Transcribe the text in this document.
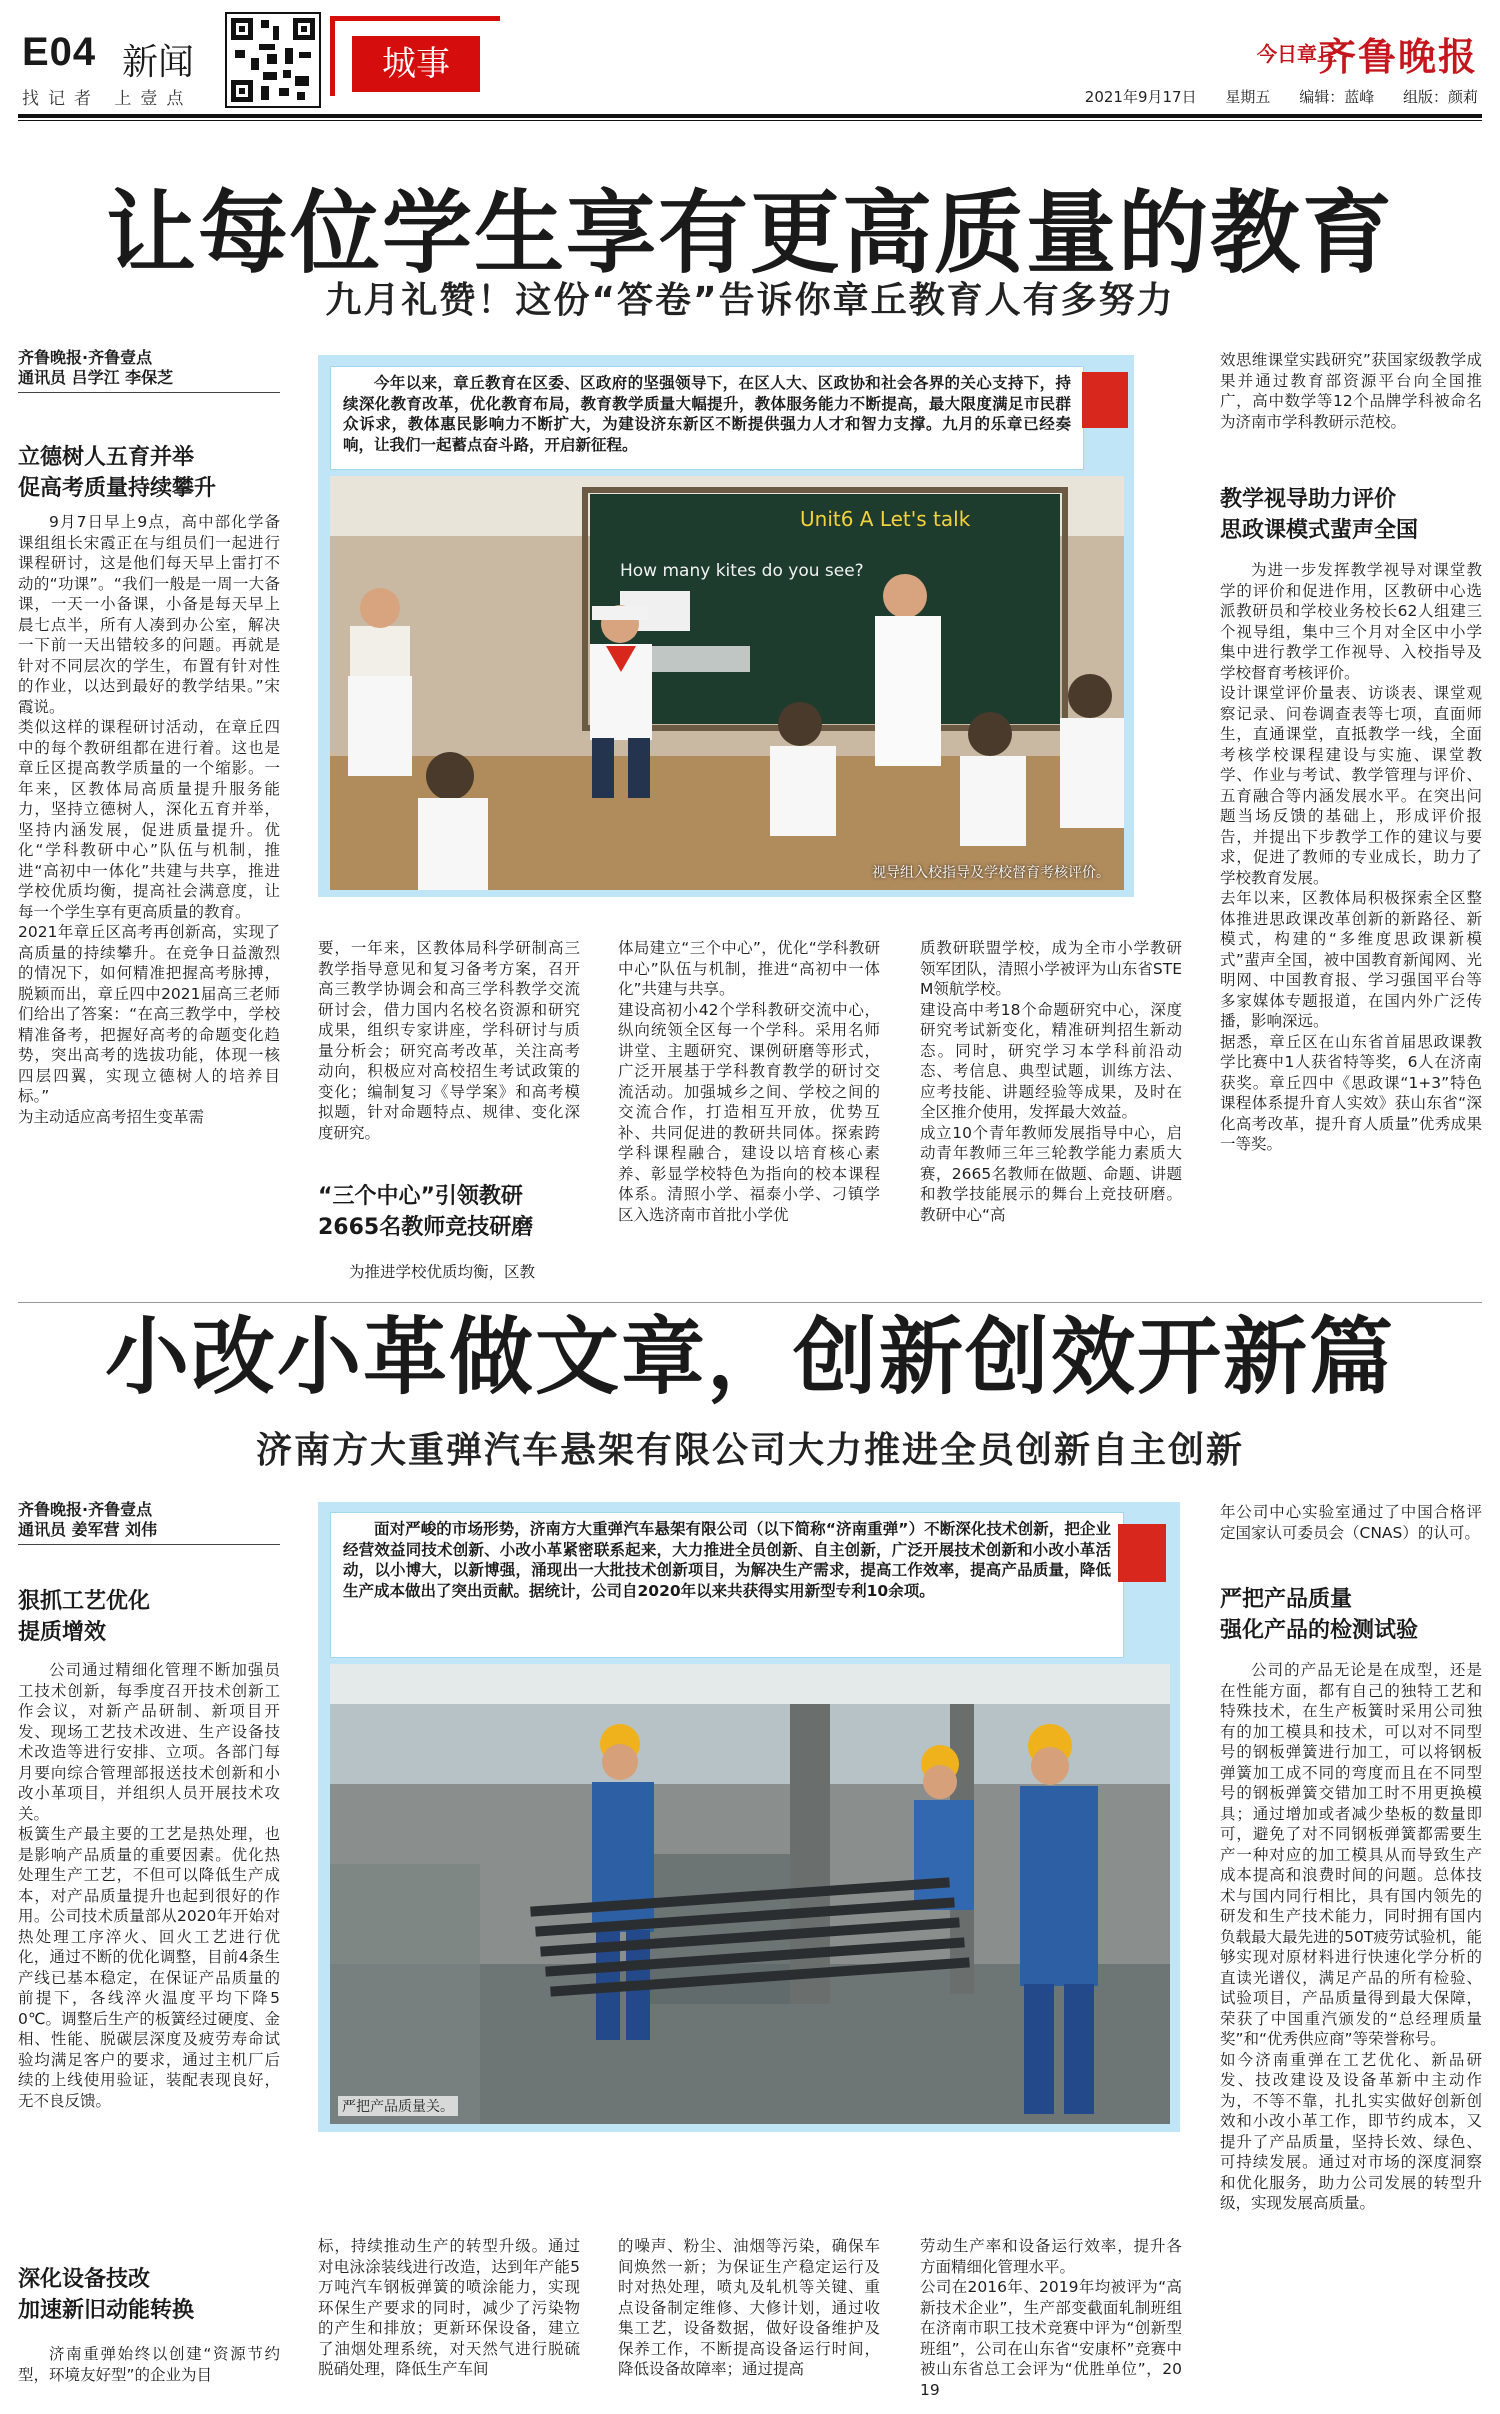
E04 新闻
找记者 上壹点
城事	今日章丘
齐鲁晚报
2021年9月17日 星期五 编辑：蓝峰 组版：颜莉
让每位学生享有更高质量的教育
九月礼赞！这份“答卷”告诉你章丘教育人有多努力
齐鲁晚报·齐鲁壹点
通讯员 吕学江 李保芝
立德树人五育并举
促高考质量持续攀升
9月7日早上9点，高中部化学备课组组长宋霞正在与组员们一起进行课程研讨，这是他们每天早上雷打不动的“功课”。“我们一般是一周一大备课，一天一小备课，小备是每天早上晨七点半，所有人凑到办公室，解决一下前一天出错较多的问题。再就是针对不同层次的学生，布置有针对性的作业，以达到最好的教学结果。”宋霞说。
类似这样的课程研讨活动，在章丘四中的每个教研组都在进行着。这也是章丘区提高教学质量的一个缩影。一年来，区教体局高质量提升服务能力，坚持立德树人，深化五育并举，坚持内涵发展，促进质量提升。优化“学科教研中心”队伍与机制，推进“高初中一体化”共建与共享，推进学校优质均衡，提高社会满意度，让每一个学生享有更高质量的教育。
2021年章丘区高考再创新高，实现了高质量的持续攀升。在竞争日益激烈的情况下，如何精准把握高考脉搏，脱颖而出，章丘四中2021届高三老师们给出了答案：“在高三教学中，学校精准备考，把握好高考的命题变化趋势，突出高考的选拔功能，体现一核四层四翼，实现立德树人的培养目标。”
为主动适应高考招生变革需
今年以来，章丘教育在区委、区政府的坚强领导下，在区人大、区政协和社会各界的关心支持下，持续深化教育改革，优化教育布局，教育教学质量大幅提升，教体服务能力不断提高，最大限度满足市民群众诉求，教体惠民影响力不断扩大，为建设济东新区不断提供强力人才和智力支撑。九月的乐章已经奏响，让我们一起蓄点奋斗路，开启新征程。
Unit6 A Let's talk
How many kites do you see?
视导组入校指导及学校督育考核评价。
要，一年来，区教体局科学研制高三教学指导意见和复习备考方案，召开高三教学协调会和高三学科教学交流研讨会，借力国内名校名资源和研究成果，组织专家讲座，学科研讨与质量分析会；研究高考改革，关注高考动向，积极应对高校招生考试政策的变化；编制复习《导学案》和高考模拟题，针对命题特点、规律、变化深度研究。
“三个中心”引领教研
2665名教师竞技研磨
为推进学校优质均衡，区教
体局建立“三个中心”，优化“学科教研中心”队伍与机制，推进“高初中一体化”共建与共享。
建设高初小42个学科教研交流中心，纵向统领全区每一个学科。采用名师讲堂、主题研究、课例研磨等形式，广泛开展基于学科教育教学的研讨交流活动。加强城乡之间、学校之间的交流合作，打造相互开放，优势互补、共同促进的教研共同体。探索跨学科课程融合，建设以培育核心素养、彰显学校特色为指向的校本课程体系。清照小学、福泰小学、刁镇学区入选济南市首批小学优
质教研联盟学校，成为全市小学教研领军团队，清照小学被评为山东省STEM领航学校。
建设高中考18个命题研究中心，深度研究考试新变化，精准研判招生新动态。同时，研究学习本学科前沿动态、考信息、典型试题，训练方法、应考技能、讲题经验等成果，及时在全区推介使用，发挥最大效益。
成立10个青年教师发展指导中心，启动青年教师三年三轮教学能力素质大赛，2665名教师在做题、命题、讲题和教学技能展示的舞台上竞技研磨。教研中心“高
效思维课堂实践研究”获国家级教学成果并通过教育部资源平台向全国推广，高中数学等12个品牌学科被命名为济南市学科教研示范校。
教学视导助力评价
思政课模式蜚声全国
为进一步发挥教学视导对课堂教学的评价和促进作用，区教研中心选派教研员和学校业务校长62人组建三个视导组，集中三个月对全区中小学集中进行教学工作视导、入校指导及学校督育考核评价。
设计课堂评价量表、访谈表、课堂观察记录、问卷调查表等七项，直面师生，直通课堂，直抵教学一线，全面考核学校课程建设与实施、课堂教学、作业与考试、教学管理与评价、五育融合等内涵发展水平。在突出问题当场反馈的基础上，形成评价报告，并提出下步教学工作的建议与要求，促进了教师的专业成长，助力了学校教育发展。
去年以来，区教体局积极探索全区整体推进思政课改革创新的新路径、新模式，构建的“多维度思政课新模式”蜚声全国，被中国教育新闻网、光明网、中国教育报、学习强国平台等多家媒体专题报道，在国内外广泛传播，影响深远。
据悉，章丘区在山东省首届思政课教学比赛中1人获省特等奖，6人在济南获奖。章丘四中《思政课“1+3”特色课程体系提升育人实效》获山东省“深化高考改革，提升育人质量”优秀成果一等奖。
小改小革做文章，创新创效开新篇
济南方大重弹汽车悬架有限公司大力推进全员创新自主创新
齐鲁晚报·齐鲁壹点
通讯员 姜军营 刘伟
狠抓工艺优化
提质增效
公司通过精细化管理不断加强员工技术创新，每季度召开技术创新工作会议，对新产品研制、新项目开发、现场工艺技术改进、生产设备技术改造等进行安排、立项。各部门每月要向综合管理部报送技术创新和小改小革项目，并组织人员开展技术攻关。
板簧生产最主要的工艺是热处理，也是影响产品质量的重要因素。优化热处理生产工艺，不但可以降低生产成本，对产品质量提升也起到很好的作用。公司技术质量部从2020年开始对热处理工序淬火、回火工艺进行优化，通过不断的优化调整，目前4条生产线已基本稳定，在保证产品质量的前提下，各线淬火温度平均下降50℃。调整后生产的板簧经过硬度、金相、性能、脱碳层深度及疲劳寿命试验均满足客户的要求，通过主机厂后续的上线使用验证，装配表现良好，无不良反馈。
深化设备技改
加速新旧动能转换
济南重弹始终以创建“资源节约型，环境友好型”的企业为目
面对严峻的市场形势，济南方大重弹汽车悬架有限公司（以下简称“济南重弹”）不断深化技术创新，把企业经营效益同技术创新、小改小革紧密联系起来，大力推进全员创新、自主创新，广泛开展技术创新和小改小革活动，以小博大，以新博强，涌现出一大批技术创新项目，为解决生产需求，提高工作效率，提高产品质量，降低生产成本做出了突出贡献。据统计，公司自2020年以来共获得实用新型专利10余项。
严把产品质量关。
标，持续推动生产的转型升级。通过对电泳涂装线进行改造，达到年产能5万吨汽车钢板弹簧的喷涂能力，实现环保生产要求的同时，减少了污染物的产生和排放；更新环保设备，建立了油烟处理系统，对天然气进行脱硫脱硝处理，降低生产车间
的噪声、粉尘、油烟等污染，确保车间焕然一新；为保证生产稳定运行及时对热处理，喷丸及轧机等关键、重点设备制定维修、大修计划，通过收集工艺，设备数据，做好设备维护及保养工作，不断提高设备运行时间，降低设备故障率；通过提高
劳动生产率和设备运行效率，提升各方面精细化管理水平。
公司在2016年、2019年均被评为“高新技术企业”，生产部变截面轧制班组在济南市职工技术竞赛中评为“创新型班组”，公司在山东省“安康杯”竞赛中被山东省总工会评为“优胜单位”，2019
年公司中心实验室通过了中国合格评定国家认可委员会（CNAS）的认可。
严把产品质量
强化产品的检测试验
公司的产品无论是在成型，还是在性能方面，都有自己的独特工艺和特殊技术，在生产板簧时采用公司独有的加工模具和技术，可以对不同型号的钢板弹簧进行加工，可以将钢板弹簧加工成不同的弯度而且在不同型号的钢板弹簧交错加工时不用更换模具；通过增加或者减少垫板的数量即可，避免了对不同钢板弹簧都需要生产一种对应的加工模具从而导致生产成本提高和浪费时间的问题。总体技术与国内同行相比，具有国内领先的研发和生产技术能力，同时拥有国内负载最大最先进的50T疲劳试验机，能够实现对原材料进行快速化学分析的直读光谱仪，满足产品的所有检验、试验项目，产品质量得到最大保障，荣获了中国重汽颁发的“总经理质量奖”和“优秀供应商”等荣誉称号。
如今济南重弹在工艺优化、新品研发、技改建设及设备革新中主动作为，不等不靠，扎扎实实做好创新创效和小改小革工作，即节约成本，又提升了产品质量，坚持长效、绿色、可持续发展。通过对市场的深度洞察和优化服务，助力公司发展的转型升级，实现发展高质量。
